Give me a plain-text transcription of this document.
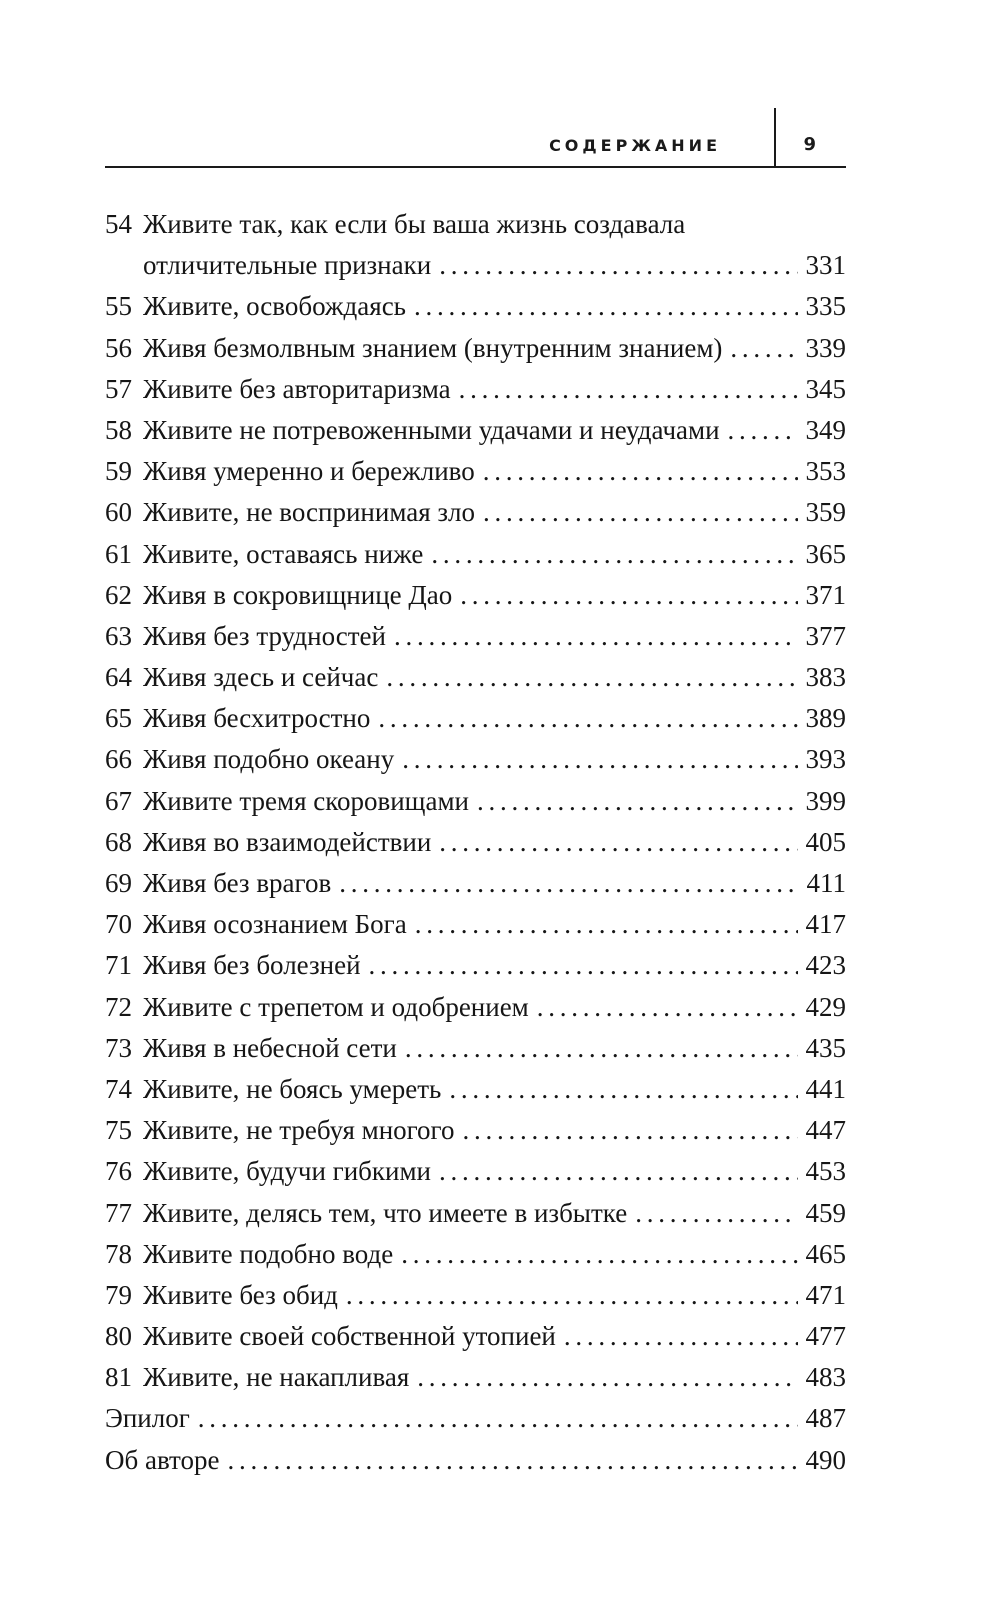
СОДЕРЖАНИЕ	9
54 Живите так, как если бы ваша жизнь создавала
отличительные признаки . . .	331
55 Живите, освобождаясь . . .	335
56 Живя безмолвным знанием (внутренним знанием) . . .	339
57 Живите без авторитаризма . . .	345
58 Живите не потревоженными удачами и неудачами . . .	349
59 Живя умеренно и бережливо . . .	353
60 Живите, не воспринимая зло . . .	359
61 Живите, оставаясь ниже . . .	365
62 Живя в сокровищнице Дао . . .	371
63 Живя без трудностей . . .	377
64 Живя здесь и сейчас . . .	383
65 Живя бесхитростно . . .	389
66 Живя подобно океану . . .	393
67 Живите тремя скоровищами . . .	399
68 Живя во взаимодействии . . .	405
69 Живя без врагов . . .	411
70 Живя осознанием Бога . . .	417
71 Живя без болезней . . .	423
72 Живите с трепетом и одобрением . . .	429
73 Живя в небесной сети . . .	435
74 Живите, не боясь умереть . . .	441
75 Живите, не требуя многого . . .	447
76 Живите, будучи гибкими . . .	453
77 Живите, делясь тем, что имеете в избытке . . .	459
78 Живите подобно воде . . .	465
79 Живите без обид . . .	471
80 Живите своей собственной утопией . . .	477
81 Живите, не накапливая . . .	483
Эпилог . . .	487
Об авторе . . .	490
